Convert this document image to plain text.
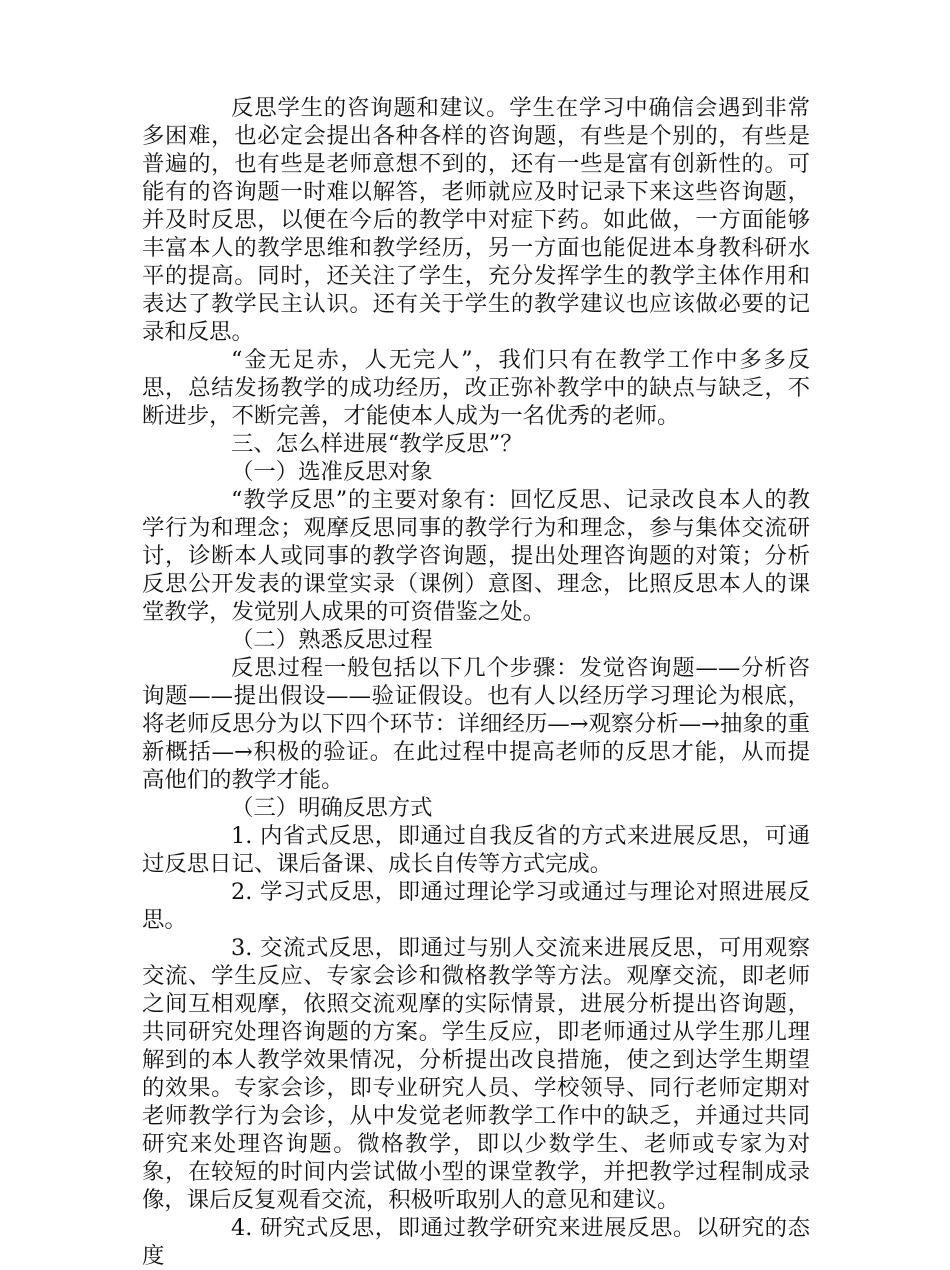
反思学生的咨询题和建议。学生在学习中确信会遇到非常多困难，也必定会提出各种各样的咨询题，有些是个别的，有些是普遍的，也有些是老师意想不到的，还有一些是富有创新性的。可能有的咨询题一时难以解答，老师就应及时记录下来这些咨询题，并及时反思，以便在今后的教学中对症下药。如此做，一方面能够丰富本人的教学思维和教学经历，另一方面也能促进本身教科研水平的提高。同时，还关注了学生，充分发挥学生的教学主体作用和表达了教学民主认识。还有关于学生的教学建议也应该做必要的记录和反思。

“金无足赤，人无完人”，我们只有在教学工作中多多反思，总结发扬教学的成功经历，改正弥补教学中的缺点与缺乏，不断进步，不断完善，才能使本人成为一名优秀的老师。

三、怎么样进展“教学反思”？

（一）选准反思对象

“教学反思”的主要对象有：回忆反思、记录改良本人的教学行为和理念；观摩反思同事的教学行为和理念，参与集体交流研讨，诊断本人或同事的教学咨询题，提出处理咨询题的对策；分析反思公开发表的课堂实录（课例）意图、理念，比照反思本人的课堂教学，发觉别人成果的可资借鉴之处。

（二）熟悉反思过程

反思过程一般包括以下几个步骤：发觉咨询题——分析咨询题——提出假设——验证假设。也有人以经历学习理论为根底，将老师反思分为以下四个环节：详细经历—→观察分析—→抽象的重新概括—→积极的验证。在此过程中提高老师的反思才能，从而提高他们的教学才能。

（三）明确反思方式

1. 内省式反思，即通过自我反省的方式来进展反思，可通过反思日记、课后备课、成长自传等方式完成。

2. 学习式反思，即通过理论学习或通过与理论对照进展反思。

3. 交流式反思，即通过与别人交流来进展反思，可用观察交流、学生反应、专家会诊和微格教学等方法。观摩交流，即老师之间互相观摩，依照交流观摩的实际情景，进展分析提出咨询题，共同研究处理咨询题的方案。学生反应，即老师通过从学生那儿理解到的本人教学效果情况，分析提出改良措施，使之到达学生期望的效果。专家会诊，即专业研究人员、学校领导、同行老师定期对老师教学行为会诊，从中发觉老师教学工作中的缺乏，并通过共同研究来处理咨询题。微格教学，即以少数学生、老师或专家为对象，在较短的时间内尝试做小型的课堂教学，并把教学过程制成录像，课后反复观看交流，积极听取别人的意见和建议。

4. 研究式反思，即通过教学研究来进展反思。以研究的态度
